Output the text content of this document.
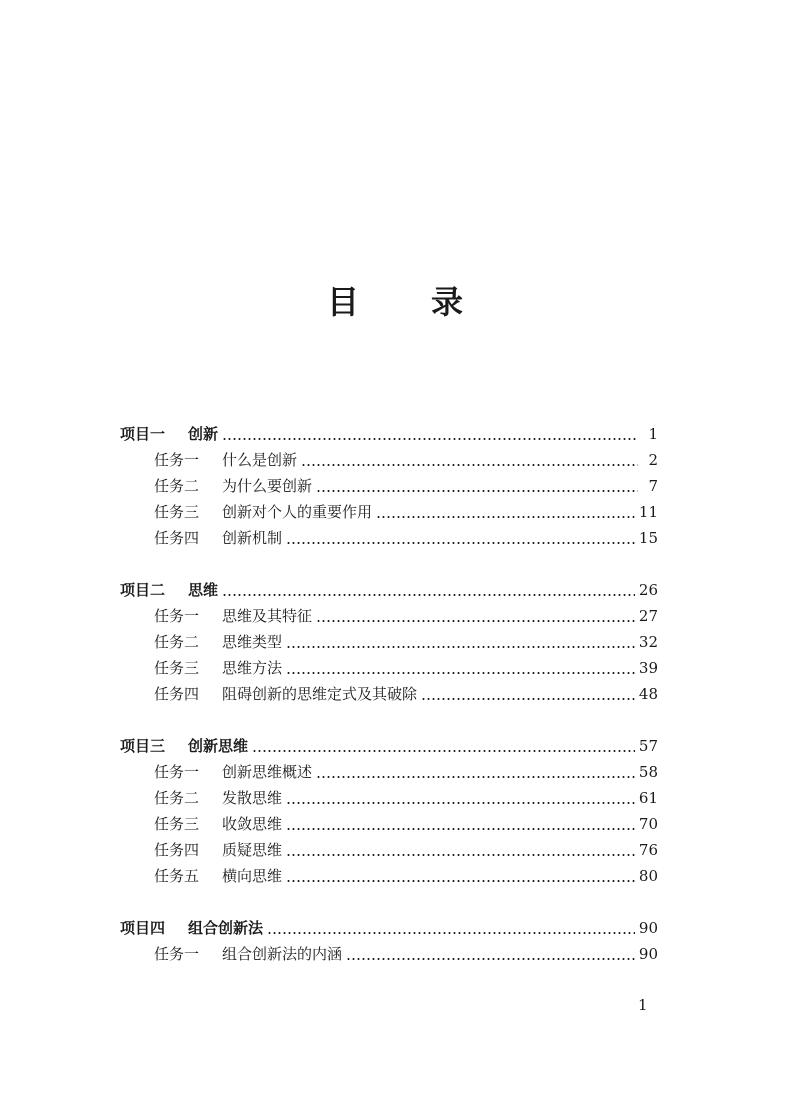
目录
项目一	创新	1
任务一	什么是创新	2
任务二	为什么要创新	7
任务三	创新对个人的重要作用	11
任务四	创新机制	15
项目二	思维	26
任务一	思维及其特征	27
任务二	思维类型	32
任务三	思维方法	39
任务四	阻碍创新的思维定式及其破除	48
项目三	创新思维	57
任务一	创新思维概述	58
任务二	发散思维	61
任务三	收敛思维	70
任务四	质疑思维	76
任务五	横向思维	80
项目四	组合创新法	90
任务一	组合创新法的内涵	90
1
